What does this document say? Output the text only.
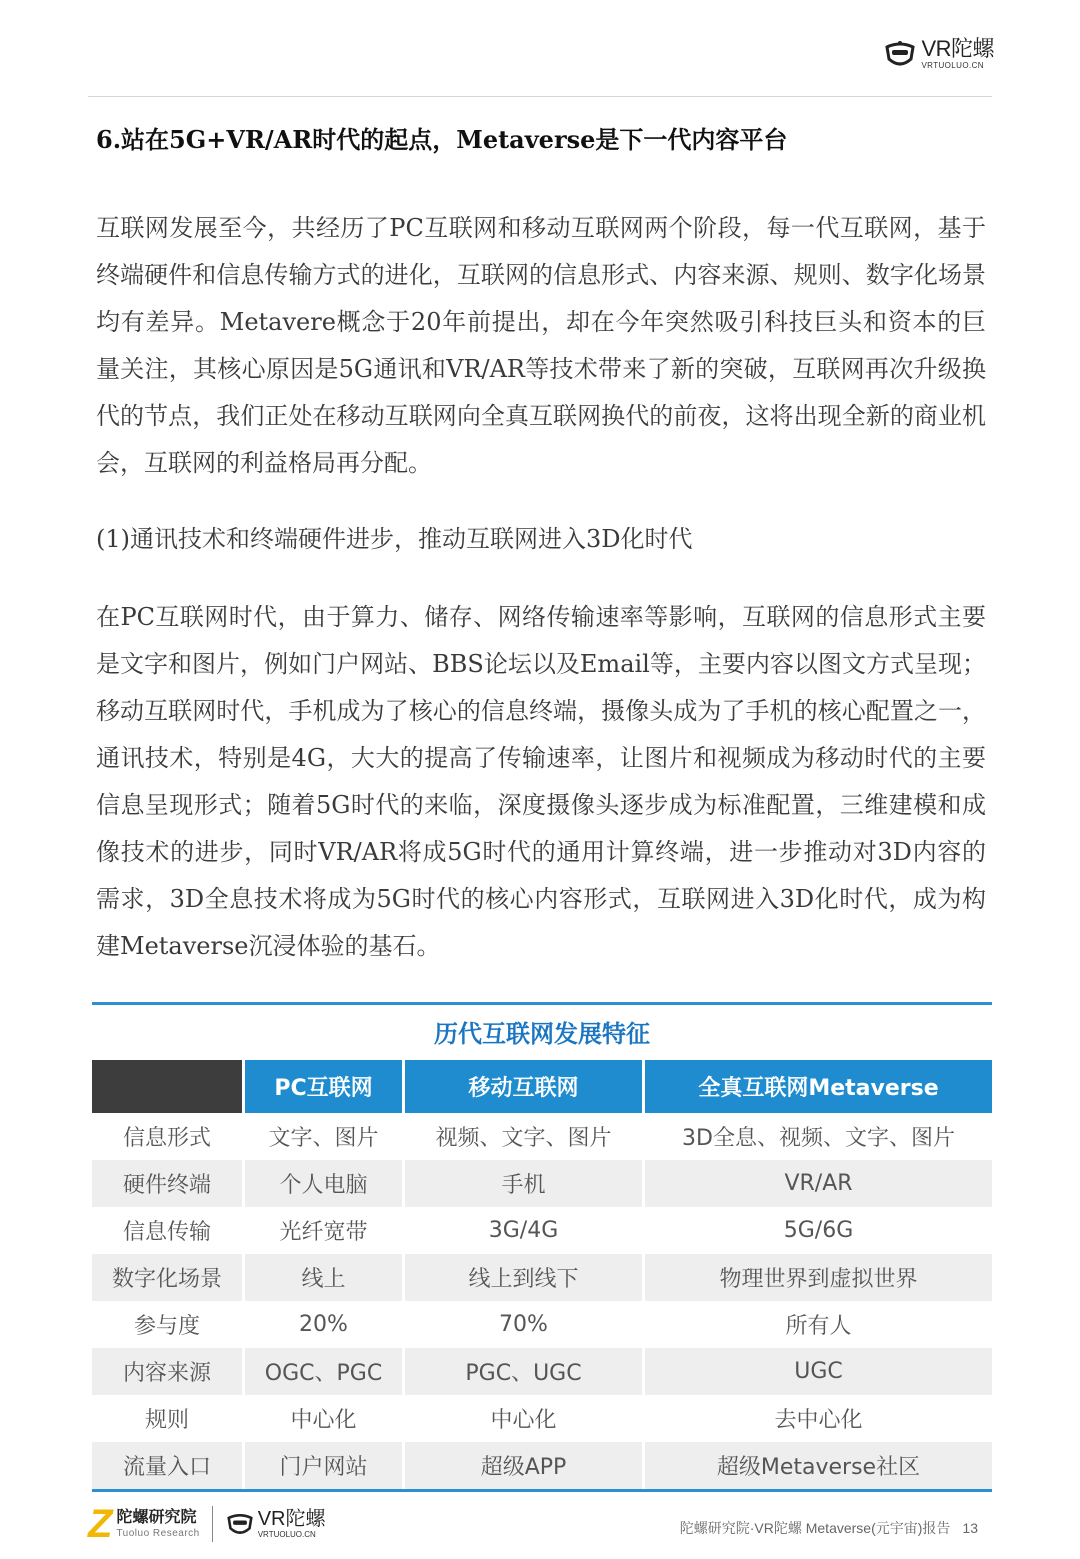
VR陀螺
VRTUOLUO.CN
6.站在5G+VR/AR时代的起点，Metaverse是下一代内容平台

互联网发展至今，共经历了PC互联网和移动互联网两个阶段，每一代互联网，基于终端硬件和信息传输方式的进化，互联网的信息形式、内容来源、规则、数字化场景均有差异。Metavere概念于20年前提出，却在今年突然吸引科技巨头和资本的巨量关注，其核心原因是5G通讯和VR/AR等技术带来了新的突破，互联网再次升级换代的节点，我们正处在移动互联网向全真互联网换代的前夜，这将出现全新的商业机会，互联网的利益格局再分配。

(1)通讯技术和终端硬件进步，推动互联网进入3D化时代

在PC互联网时代，由于算力、储存、网络传输速率等影响，互联网的信息形式主要是文字和图片，例如门户网站、BBS论坛以及Email等，主要内容以图文方式呈现；移动互联网时代，手机成为了核心的信息终端，摄像头成为了手机的核心配置之一，通讯技术，特别是4G，大大的提高了传输速率，让图片和视频成为移动时代的主要信息呈现形式；随着5G时代的来临，深度摄像头逐步成为标准配置，三维建模和成像技术的进步，同时VR/AR将成5G时代的通用计算终端，进一步推动对3D内容的需求，3D全息技术将成为5G时代的核心内容形式，互联网进入3D化时代，成为构建Metaverse沉浸体验的基石。

历代互联网发展特征
	PC互联网	移动互联网	全真互联网Metaverse
信息形式	文字、图片	视频、文字、图片	3D全息、视频、文字、图片
硬件终端	个人电脑	手机	VR/AR
信息传输	光纤宽带	3G/4G	5G/6G
数字化场景	线上	线上到线下	物理世界到虚拟世界
参与度	20%	70%	所有人
内容来源	OGC、PGC	PGC、UGC	UGC
规则	中心化	中心化	去中心化
流量入口	门户网站	超级APP	超级Metaverse社区
Z 陀螺研究院
Tuoluo Research
VR陀螺
VRTUOLUO.CN	陀螺研究院·VR陀螺 Metaverse(元宇宙)报告 13
